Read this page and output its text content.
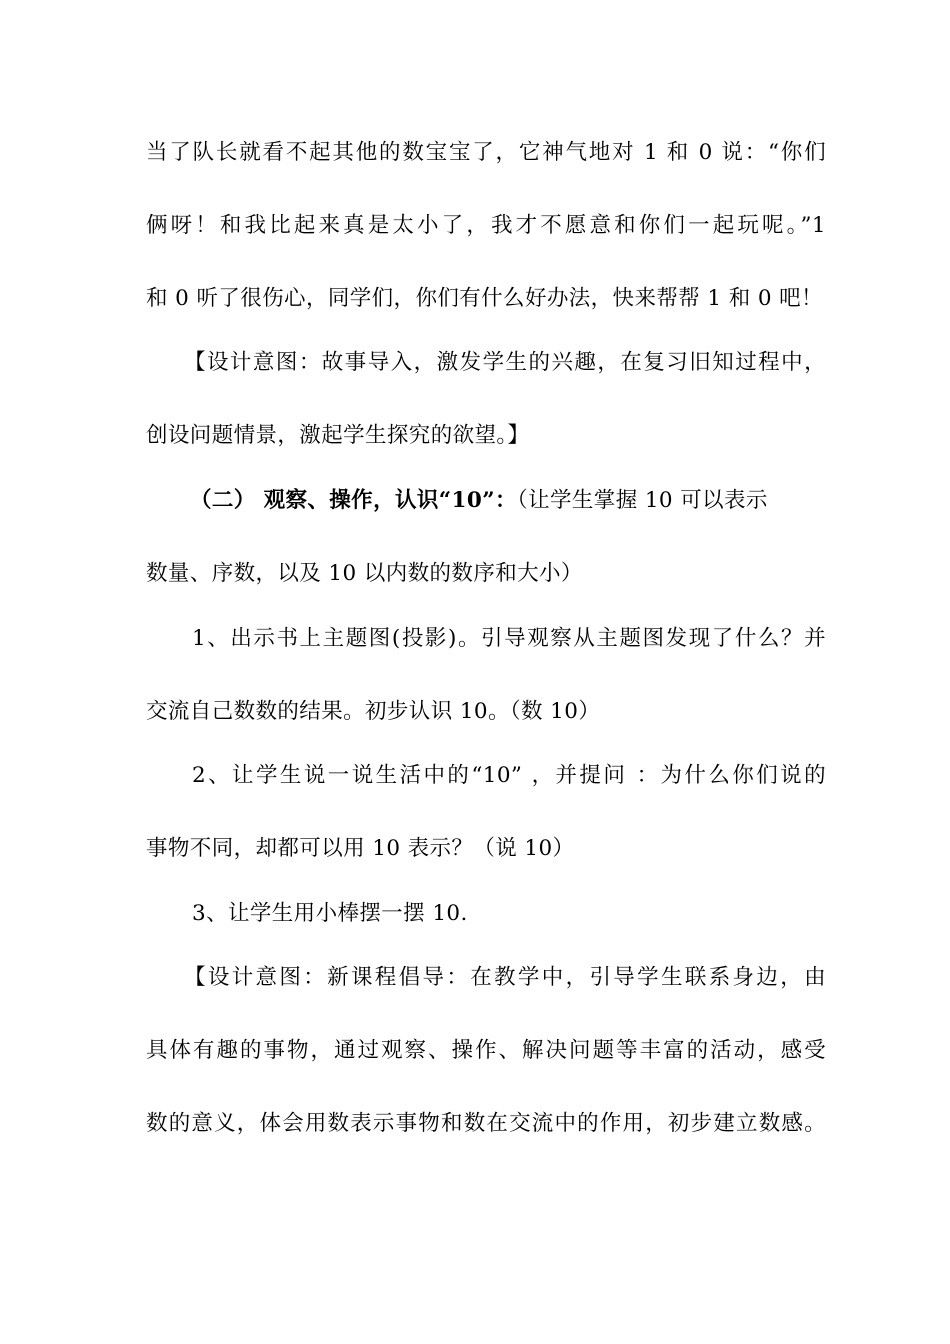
当了队长就看不起其他的数宝宝了，它神气地对 1 和 0 说：“你们
俩呀！和我比起来真是太小了，我才不愿意和你们一起玩呢。”1
和 0 听了很伤心，同学们，你们有什么好办法，快来帮帮 1 和 0 吧！
【设计意图：故事导入，激发学生的兴趣，在复习旧知过程中，
创设问题情景，激起学生探究的欲望。】
（二） 观察、操作，认识“10”：（让学生掌握 10 可以表示
数量、序数，以及 10 以内数的数序和大小）
1、出示书上主题图(投影)。引导观察从主题图发现了什么？并
交流自己数数的结果。初步认识 10。（数 10）
2、让学生说一说生活中的“10” ，并提问 ：为什么你们说的
事物不同，却都可以用 10 表示？（说 10）
3、让学生用小棒摆一摆 10.
【设计意图：新课程倡导：在教学中，引导学生联系身边，由
具体有趣的事物，通过观察、操作、解决问题等丰富的活动，感受
数的意义，体会用数表示事物和数在交流中的作用，初步建立数感。
